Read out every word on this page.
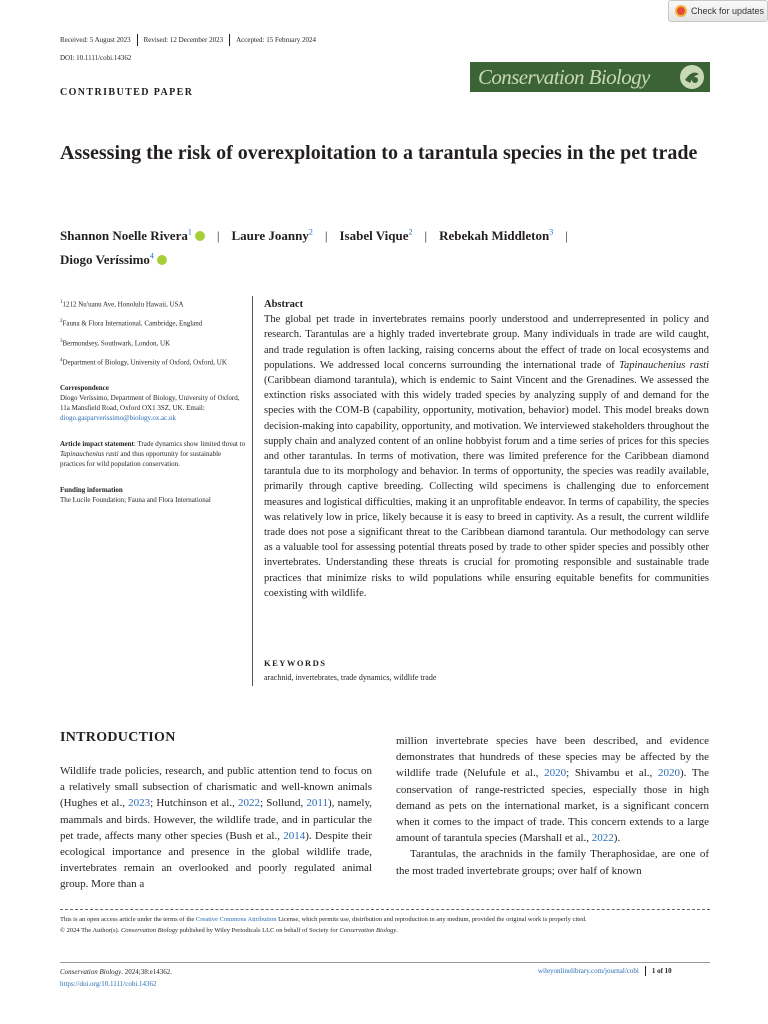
Check for updates
Received: 5 August 2023 Revised: 12 December 2023 Accepted: 15 February 2024
DOI: 10.1111/cobi.14362
CONTRIBUTED PAPER
Conservation Biology
Assessing the risk of overexploitation to a tarantula species in the pet trade
Shannon Noelle Rivera$^1$ | Laure Joanny$^2$ | Isabel Vique$^2$ | Rebekah Middleton$^3$ |
Diogo Veríssimo$^4$

$^1$1212 Nu'uanu Ave, Honolulu Hawaii, USA

$^2$Fauna & Flora International, Cambridge, England

$^3$Bermondsey, Southwark, London, UK

$^4$Department of Biology, University of Oxford, Oxford, UK

Correspondence
Diogo Veríssimo, Department of Biology, University of Oxford, 11a Mansfield Road, Oxford OX1 3SZ, UK. Email: diogo.gasparverissimo@biology.ox.ac.uk

Article impact statement: Trade dynamics show limited threat to Tapinauchenius rasti and thus opportunity for sustainable practices for wild population conservation.

Funding information
The Lucile Foundation; Fauna and Flora International

Abstract

The global pet trade in invertebrates remains poorly understood and underrepresented in policy and research. Tarantulas are a highly traded invertebrate group. Many individuals in trade are wild caught, and trade regulation is often lacking, raising concerns about the effect of trade on local ecosystems and populations. We addressed local concerns surrounding the international trade of Tapinauchenius rasti (Caribbean diamond tarantula), which is endemic to Saint Vincent and the Grenadines. We assessed the extinction risks associated with this widely traded species by analyzing supply of and demand for the species with the COM-B (capability, opportunity, motivation, behavior) model. This model breaks down decision-making into capability, opportunity, and motivation. We interviewed stakeholders throughout the supply chain and analyzed content of an online hobbyist forum and a time series of prices for this species and other tarantulas. In terms of motivation, there was limited preference for the Caribbean diamond tarantula due to its morphology and behavior. In terms of opportunity, the species was readily available, primarily through captive breeding. Collecting wild specimens is challenging due to enforcement measures and logistical difficulties, making it an unprofitable endeavor. In terms of capability, the species was relatively low in price, likely because it is easy to breed in captivity. As a result, the current wildlife trade does not pose a significant threat to the Caribbean diamond tarantula. Our methodology can serve as a valuable tool for assessing potential threats posed by trade to other spider species and possibly other invertebrates. Understanding these threats is crucial for promoting responsible and sustainable trade practices that minimize risks to wild populations while ensuring equitable benefits for communities coexisting with wildlife.

KEYWORDS
arachnid, invertebrates, trade dynamics, wildlife trade
INTRODUCTION

Wildlife trade policies, research, and public attention tend to focus on a relatively small subsection of charismatic and well-known animals (Hughes et al., 2023; Hutchinson et al., 2022; Sollund, 2011), namely, mammals and birds. However, the wildlife trade, and in particular the pet trade, affects many other species (Bush et al., 2014). Despite their ecological importance and presence in the global wildlife trade, invertebrates remain an overlooked and poorly regulated animal group. More than a

million invertebrate species have been described, and evidence demonstrates that hundreds of these species may be affected by the wildlife trade (Nelufule et al., 2020; Shivambu et al., 2020). The conservation of range-restricted species, especially those in high demand as pets on the international market, is a significant concern when it comes to the impact of trade. This concern extends to a large amount of tarantula species (Marshall et al., 2022).

Tarantulas, the arachnids in the family Theraphosidae, are one of the most traded invertebrate groups; over half of known

This is an open access article under the terms of the Creative Commons Attribution License, which permits use, distribution and reproduction in any medium, provided the original work is properly cited.
© 2024 The Author(s). Conservation Biology published by Wiley Periodicals LLC on behalf of Society for Conservation Biology.
Conservation Biology. 2024;38:e14362.
https://doi.org/10.1111/cobi.14362
wileyonlinelibrary.com/journal/cobi 1 of 10
